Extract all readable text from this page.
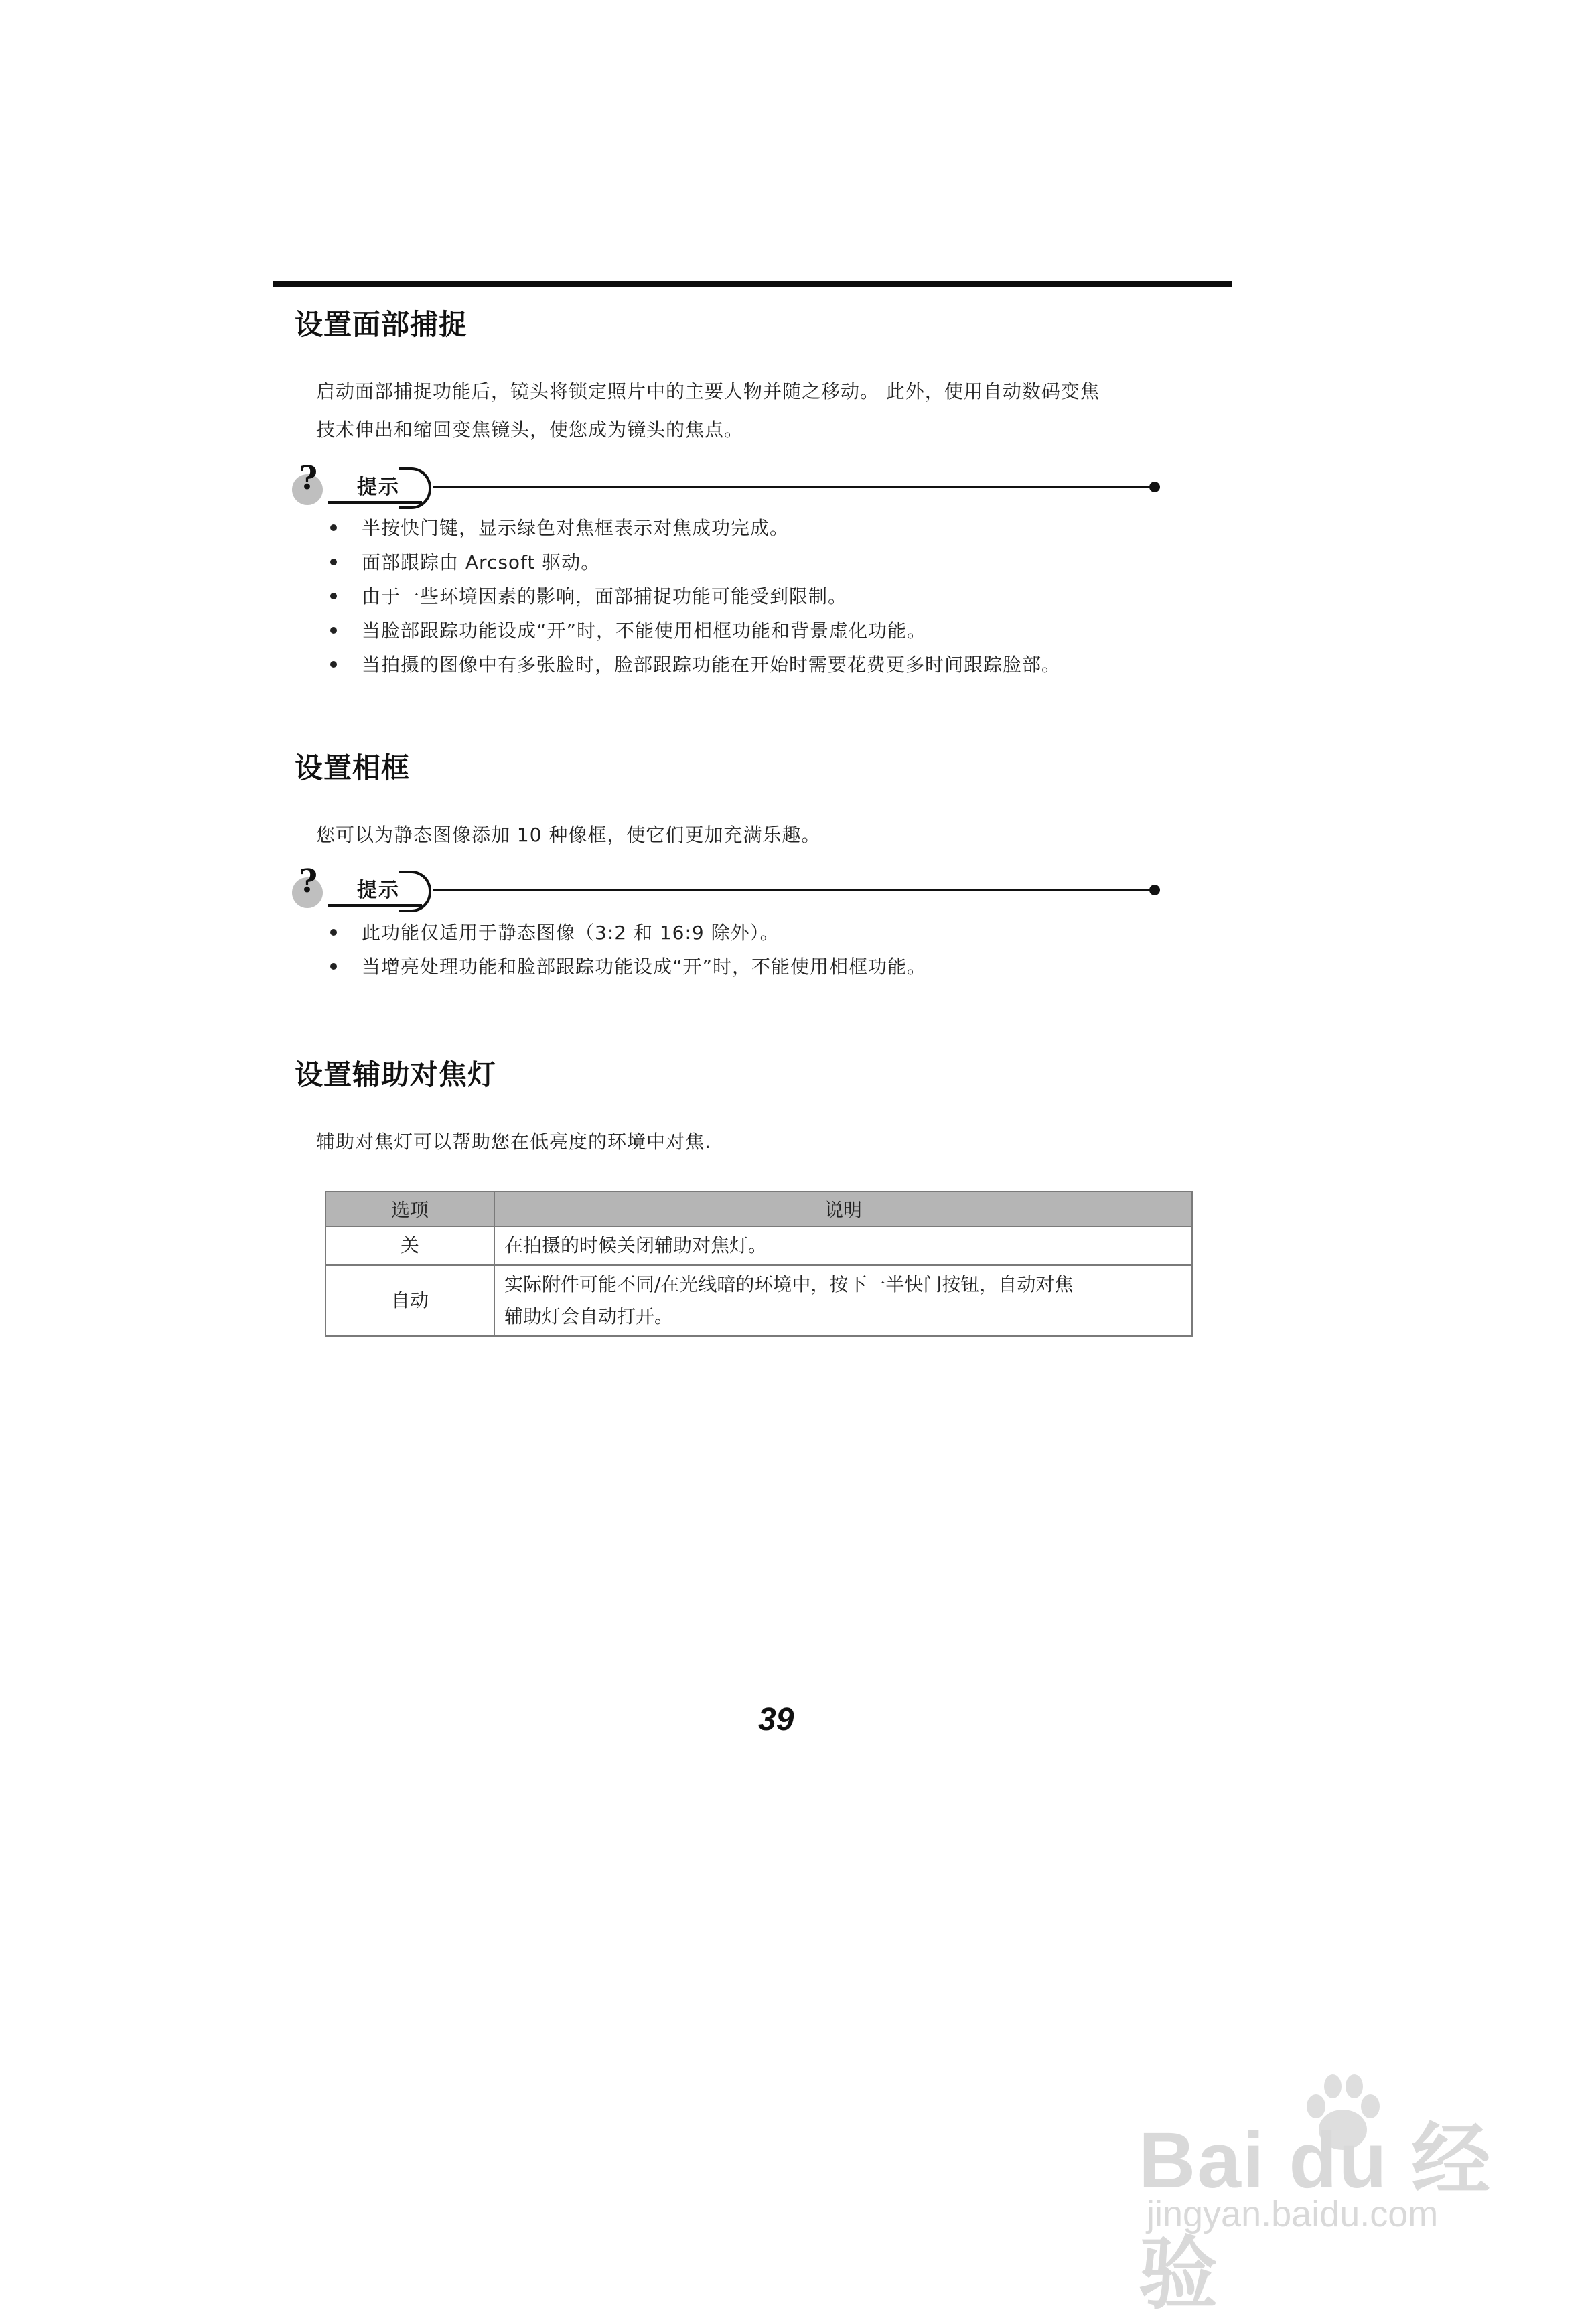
设置面部捕捉
启动面部捕捉功能后，镜头将锁定照片中的主要人物并随之移动。 此外，使用自动数码变焦
技术伸出和缩回变焦镜头，使您成为镜头的焦点。
? 提示
半按快门键，显示绿色对焦框表示对焦成功完成。
面部跟踪由 Arcsoft 驱动。
由于一些环境因素的影响，面部捕捉功能可能受到限制。
当脸部跟踪功能设成“开”时，不能使用相框功能和背景虚化功能。
当拍摄的图像中有多张脸时，脸部跟踪功能在开始时需要花费更多时间跟踪脸部。
设置相框
您可以为静态图像添加 10 种像框，使它们更加充满乐趣。
? 提示
此功能仅适用于静态图像（3:2 和 16:9 除外）。
当增亮处理功能和脸部跟踪功能设成“开”时，不能使用相框功能。
设置辅助对焦灯
辅助对焦灯可以帮助您在低亮度的环境中对焦.
选项	说明
关	在拍摄的时候关闭辅助对焦灯。
自动	实际附件可能不同/在光线暗的环境中，按下一半快门按钮，自动对焦
辅助灯会自动打开。
39
Bai du 经验
jingyan.baidu.com
